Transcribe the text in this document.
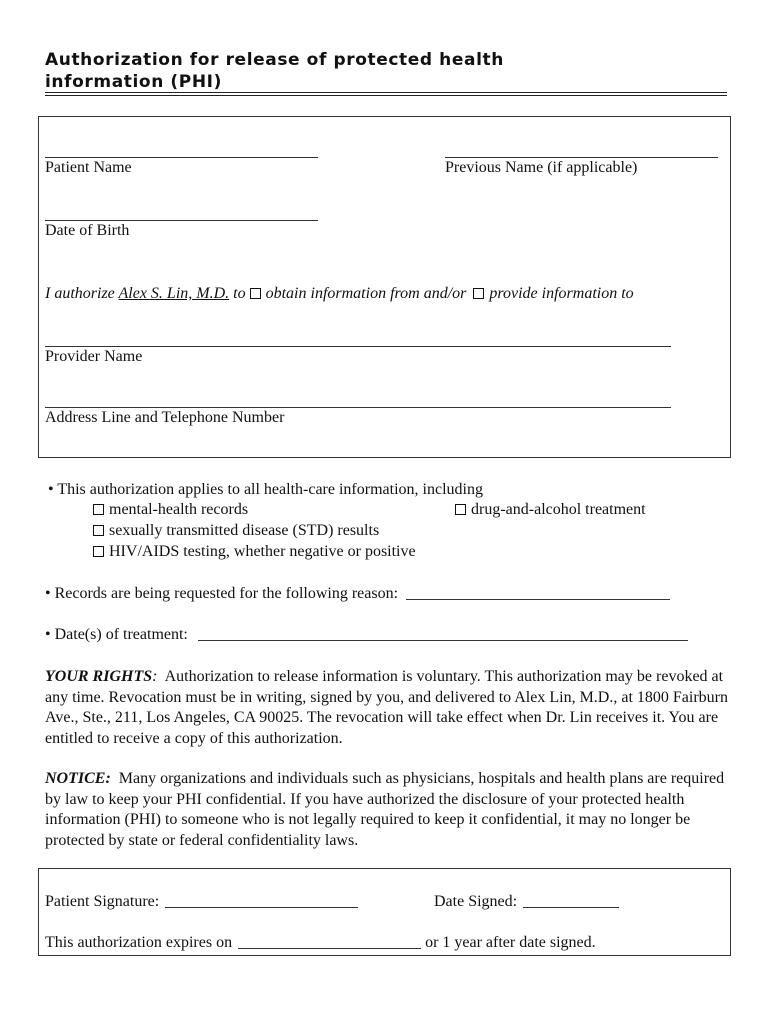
Authorization for release of protected health
information (PHI)
Patient Name	Previous Name (if applicable)
Date of Birth
I authorize Alex S. Lin, M.D. to obtain information from and/or provide information to
Provider Name
Address Line and Telephone Number
• This authorization applies to all health-care information, including
mental-health records	drug-and-alcohol treatment
sexually transmitted disease (STD) results
HIV/AIDS testing, whether negative or positive
• Records are being requested for the following reason:
• Date(s) of treatment:
YOUR RIGHTS: Authorization to release information is voluntary. This authorization may be revoked at any time. Revocation must be in writing, signed by you, and delivered to Alex Lin, M.D., at 1800 Fairburn Ave., Ste., 211, Los Angeles, CA 90025. The revocation will take effect when Dr. Lin receives it. You are entitled to receive a copy of this authorization.
NOTICE: Many organizations and individuals such as physicians, hospitals and health plans are required by law to keep your PHI confidential. If you have authorized the disclosure of your protected health information (PHI) to someone who is not legally required to keep it confidential, it may no longer be protected by state or federal confidentiality laws.
Patient Signature:	Date Signed:
This authorization expires on	or 1 year after date signed.
